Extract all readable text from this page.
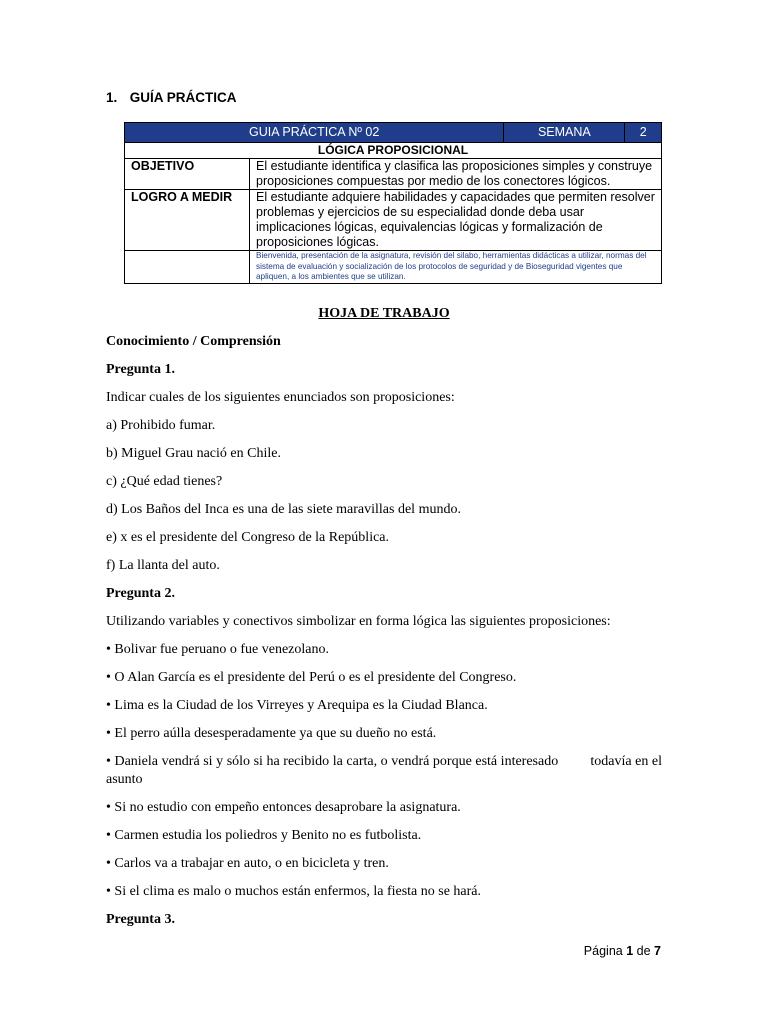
1. GUÍA PRÁCTICA
GUIA PRÁCTICA Nº 02		SEMANA	2
LÓGICA PROPOSICIONAL			
OBJETIVO	El estudiante identifica y clasifica las proposiciones simples y construye proposiciones compuestas por medio de los conectores lógicos.		
LOGRO A MEDIR	El estudiante adquiere habilidades y capacidades que permiten resolver problemas y ejercicios de su especialidad donde deba usar implicaciones lógicas, equivalencias lógicas y formalización de proposiciones lógicas.		
	Bienvenida, presentación de la asignatura, revisión del silabo, herramientas didácticas a utilizar, normas del sistema de evaluación y socialización de los protocolos de seguridad y de Bioseguridad vigentes que apliquen, a los ambientes que se utilizan.		
HOJA DE TRABAJO

Conocimiento / Comprensión

Pregunta 1.

Indicar cuales de los siguientes enunciados son proposiciones:

a) Prohibido fumar.

b) Miguel Grau nació en Chile.

c) ¿Qué edad tienes?

d) Los Baños del Inca es una de las siete maravillas del mundo.

e) x es el presidente del Congreso de la República.

f) La llanta del auto.

Pregunta 2.

Utilizando variables y conectivos simbolizar en forma lógica las siguientes proposiciones:

• Bolivar fue peruano o fue venezolano.

• O Alan García es el presidente del Perú o es el presidente del Congreso.

• Lima es la Ciudad de los Virreyes y Arequipa es la Ciudad Blanca.

• El perro aúlla desesperadamente ya que su dueño no está.

• Daniela vendrá si y sólo si ha recibido la carta, o vendrá porque está interesado         todavía en el asunto

• Si no estudio con empeño entonces desaprobare la asignatura.

• Carmen estudia los poliedros y Benito no es futbolista.

• Carlos va a trabajar en auto, o en bicicleta y tren.

• Si el clima es malo o muchos están enfermos, la fiesta no se hará.

Pregunta 3.

Página 1 de 7
